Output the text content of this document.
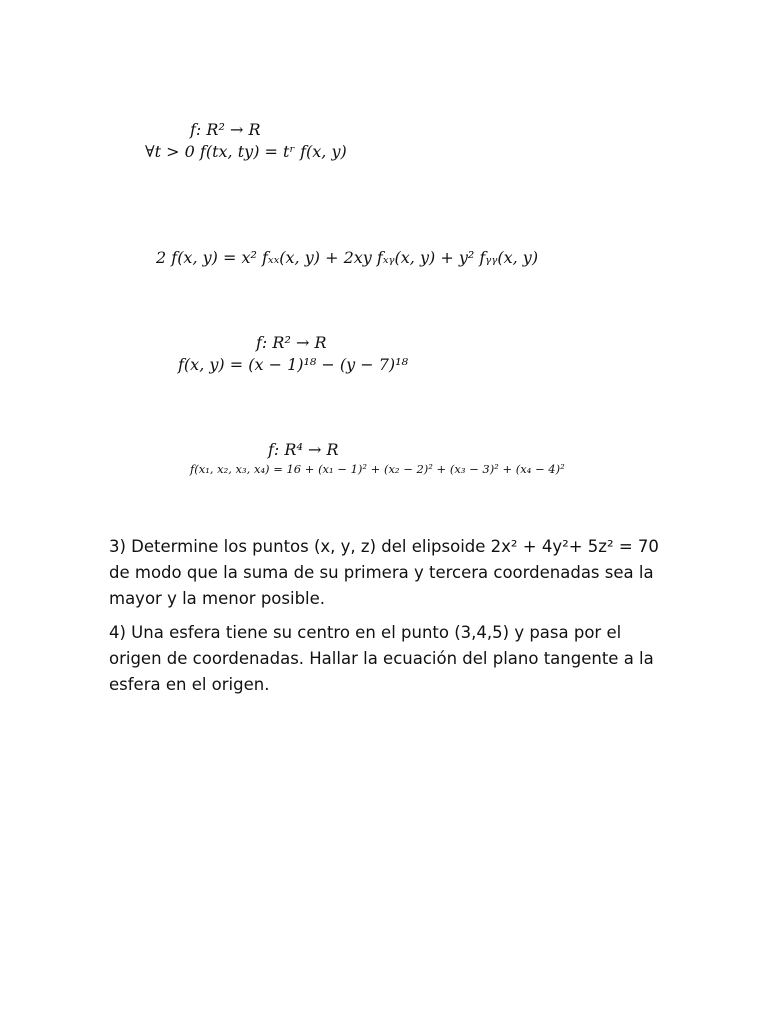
f: R² → R
∀t > 0 f(tx, ty) = tʳ f(x, y)
2 f(x, y) = x² fₓₓ(x, y) + 2xy fₓᵧ(x, y) + y² fᵧᵧ(x, y)
f: R² → R
f(x, y) = (x − 1)¹⁸ − (y − 7)¹⁸
f: R⁴ → R
f(x₁, x₂, x₃, x₄) = 16 + (x₁ − 1)² + (x₂ − 2)² + (x₃ − 3)² + (x₄ − 4)²

3) Determine los puntos (x, y, z) del elipsoide 2x² + 4y²+ 5z² = 70 de modo que la suma de su primera y tercera coordenadas sea la mayor y la menor posible.

4) Una esfera tiene su centro en el punto (3,4,5) y pasa por el origen de coordenadas. Hallar la ecuación del plano tangente a la esfera en el origen.
